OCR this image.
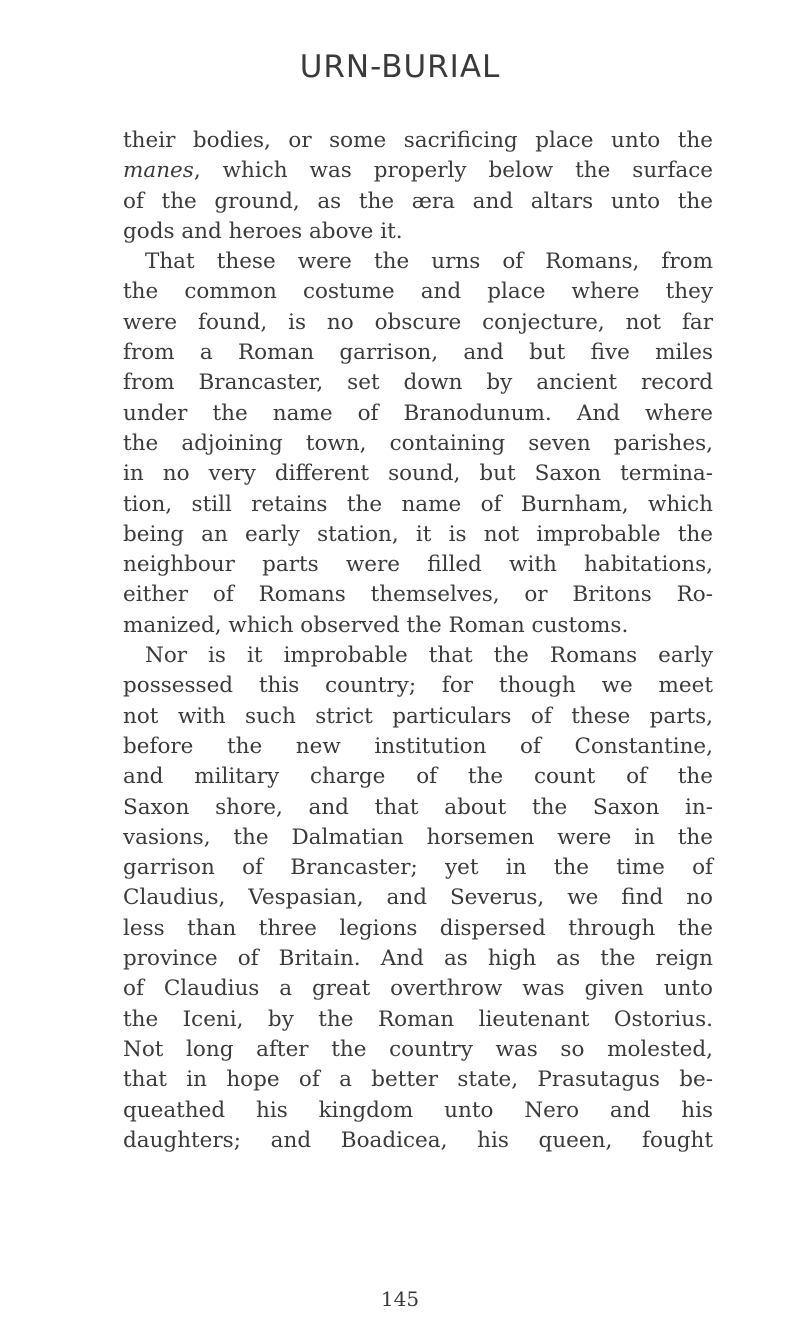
URN-BURIAL
their bodies, or some sacrificing place unto the
manes, which was properly below the surface
of the ground, as the æra and altars unto the
gods and heroes above it.
That these were the urns of Romans, from
the common costume and place where they
were found, is no obscure conjecture, not far
from a Roman garrison, and but five miles
from Brancaster, set down by ancient record
under the name of Branodunum. And where
the adjoining town, containing seven parishes,
in no very different sound, but Saxon termina-
tion, still retains the name of Burnham, which
being an early station, it is not improbable the
neighbour parts were filled with habitations,
either of Romans themselves, or Britons Ro-
manized, which observed the Roman customs.
Nor is it improbable that the Romans early
possessed this country; for though we meet
not with such strict particulars of these parts,
before the new institution of Constantine,
and military charge of the count of the
Saxon shore, and that about the Saxon in-
vasions, the Dalmatian horsemen were in the
garrison of Brancaster; yet in the time of
Claudius, Vespasian, and Severus, we find no
less than three legions dispersed through the
province of Britain. And as high as the reign
of Claudius a great overthrow was given unto
the Iceni, by the Roman lieutenant Ostorius.
Not long after the country was so molested,
that in hope of a better state, Prasutagus be-
queathed his kingdom unto Nero and his
daughters; and Boadicea, his queen, fought
145
